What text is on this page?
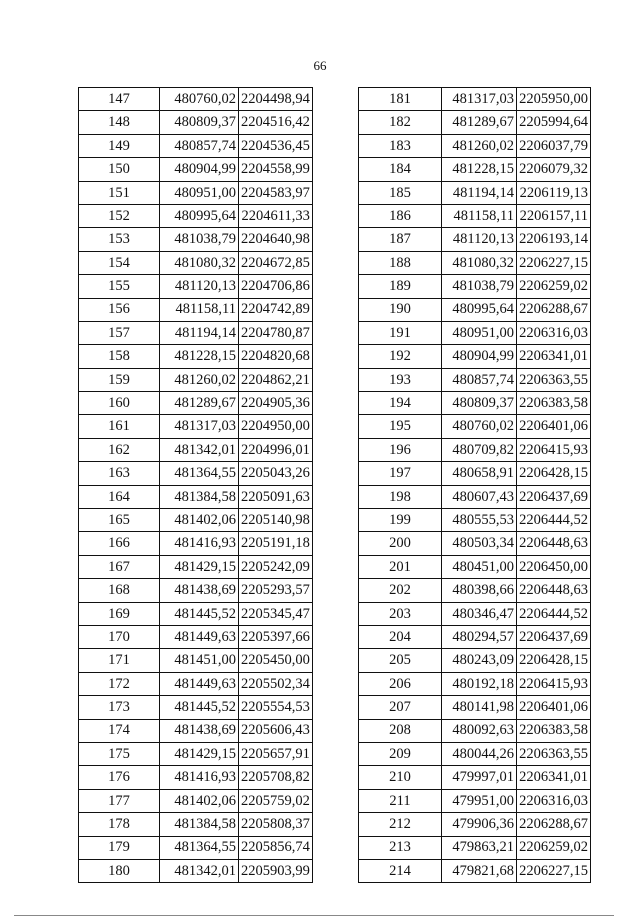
66
147	480760,02	2204498,94
148	480809,37	2204516,42
149	480857,74	2204536,45
150	480904,99	2204558,99
151	480951,00	2204583,97
152	480995,64	2204611,33
153	481038,79	2204640,98
154	481080,32	2204672,85
155	481120,13	2204706,86
156	481158,11	2204742,89
157	481194,14	2204780,87
158	481228,15	2204820,68
159	481260,02	2204862,21
160	481289,67	2204905,36
161	481317,03	2204950,00
162	481342,01	2204996,01
163	481364,55	2205043,26
164	481384,58	2205091,63
165	481402,06	2205140,98
166	481416,93	2205191,18
167	481429,15	2205242,09
168	481438,69	2205293,57
169	481445,52	2205345,47
170	481449,63	2205397,66
171	481451,00	2205450,00
172	481449,63	2205502,34
173	481445,52	2205554,53
174	481438,69	2205606,43
175	481429,15	2205657,91
176	481416,93	2205708,82
177	481402,06	2205759,02
178	481384,58	2205808,37
179	481364,55	2205856,74
180	481342,01	2205903,99
181	481317,03	2205950,00
182	481289,67	2205994,64
183	481260,02	2206037,79
184	481228,15	2206079,32
185	481194,14	2206119,13
186	481158,11	2206157,11
187	481120,13	2206193,14
188	481080,32	2206227,15
189	481038,79	2206259,02
190	480995,64	2206288,67
191	480951,00	2206316,03
192	480904,99	2206341,01
193	480857,74	2206363,55
194	480809,37	2206383,58
195	480760,02	2206401,06
196	480709,82	2206415,93
197	480658,91	2206428,15
198	480607,43	2206437,69
199	480555,53	2206444,52
200	480503,34	2206448,63
201	480451,00	2206450,00
202	480398,66	2206448,63
203	480346,47	2206444,52
204	480294,57	2206437,69
205	480243,09	2206428,15
206	480192,18	2206415,93
207	480141,98	2206401,06
208	480092,63	2206383,58
209	480044,26	2206363,55
210	479997,01	2206341,01
211	479951,00	2206316,03
212	479906,36	2206288,67
213	479863,21	2206259,02
214	479821,68	2206227,15
